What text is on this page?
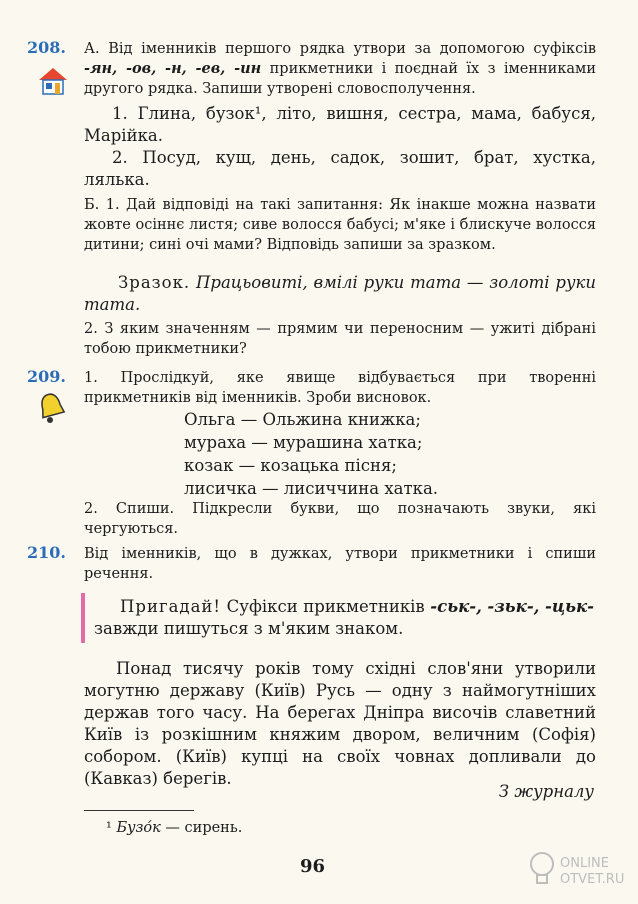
208. А. Від іменників першого рядка утвори за допомогою суфіксів -ян, -ов, -н, -ев, -ин прикметники і поєднай їх з іменниками другого рядка. Запиши утворені словосполучення.
1. Глина, бузок¹, літо, вишня, сестра, мама, бабуся, Марійка.
2. Посуд, кущ, день, садок, зошит, брат, хустка, лялька.
Б. 1. Дай відповіді на такі запитання: Як інакше можна назвати жовте осіннє листя; сиве волосся бабусі; м'яке і блискуче волосся дитини; сині очі мами? Відповідь запиши за зразком.
Зразок. Працьовиті, вмілі руки тата — золоті руки тата.
2. З яким значенням — прямим чи переносним — ужиті дібрані тобою прикметники?
209. 1. Прослідкуй, яке явище відбувається при творенні прикметників від іменників. Зроби висновок.
Ольга — Ольжина книжка;
мураха — мурашина хатка;
козак — козацька пісня;
лисичка — лисиччина хатка.
2. Спиши. Підкресли букви, що позначають звуки, які чергуються.
210. Від іменників, що в дужках, утвори прикметники і спиши речення.
Пригадай! Суфікси прикметників -ськ-, -зьк-, -цьк- завжди пишуться з м'яким знаком.
Понад тисячу років тому східні слов'яни утворили могутню державу (Київ) Русь — одну з наймогутніших держав того часу. На берегах Дніпра височів славетний Київ із розкішним княжим двором, величним (Софія) собором. (Київ) купці на своїх човнах допливали до (Кавказ) берегів.
З журналу
¹ Бузо́к — сирень.
96	ONLINE
OTVET.RU
